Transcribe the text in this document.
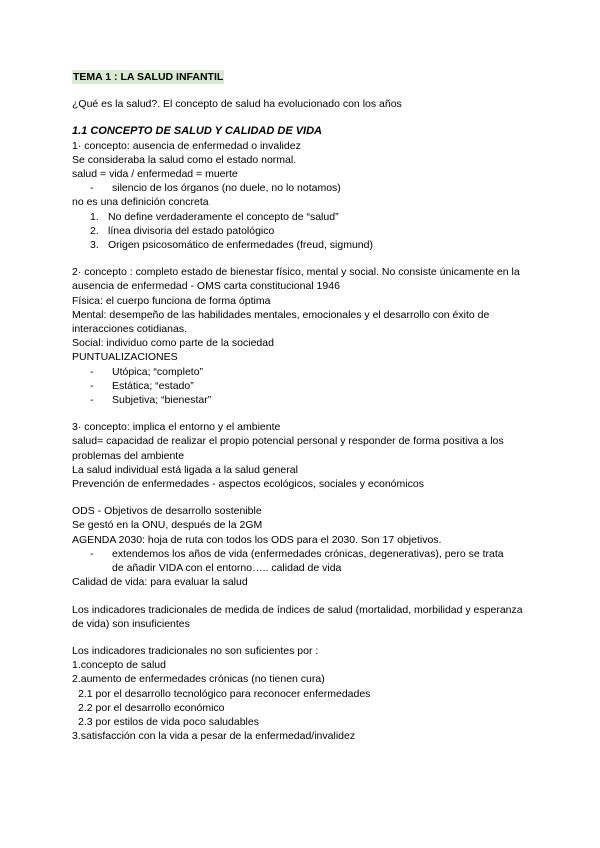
TEMA 1 : LA SALUD INFANTIL
¿Qué es la salud?. El concepto de salud ha evolucionado con los años
1.1 CONCEPTO DE SALUD Y CALIDAD DE VIDA
1· concepto: ausencia de enfermedad o invalidez
Se consideraba la salud como el estado normal.
salud = vida / enfermedad = muerte
- silencio de los órganos (no duele, no lo notamos)
no es una definición concreta
1. No define verdaderamente el concepto de “salud”
2. línea divisoria del estado patológico
3. Origen psicosomático de enfermedades (freud, sigmund)
2· concepto : completo estado de bienestar físico, mental y social. No consiste únicamente en la ausencia de enfermedad - OMS carta constitucional 1946
Física: el cuerpo funciona de forma óptima
Mental: desempeño de las habilidades mentales, emocionales y el desarrollo con éxito de interacciones cotidianas.
Social: individuo como parte de la sociedad
PUNTUALIZACIONES
- Utópica; “completo”
- Estática; “estado”
- Subjetiva; “bienestar”
3· concepto: implica el entorno y el ambiente
salud= capacidad de realizar el propio potencial personal y responder de forma positiva a los problemas del ambiente
La salud individual está ligada a la salud general
Prevención de enfermedades - aspectos ecológicos, sociales y económicos
ODS - Objetivos de desarrollo sostenible
Se gestó en la ONU, después de la 2GM
AGENDA 2030: hoja de ruta con todos los ODS para el 2030. Son 17 objetivos.
- extendemos los años de vida (enfermedades crónicas, degenerativas), pero se trata
de añadir VIDA con el entorno….. calidad de vida
Calidad de vida: para evaluar la salud
Los indicadores tradicionales de medida de índices de salud (mortalidad, morbilidad y esperanza de vida) son insuficientes
Los indicadores tradicionales no son suficientes por :
1.concepto de salud
2.aumento de enfermedades crónicas (no tienen cura)
2.1 por el desarrollo tecnológico para reconocer enfermedades
2.2 por el desarrollo económico
2.3 por estilos de vida poco saludables
3.satisfacción con la vida a pesar de la enfermedad/invalidez
